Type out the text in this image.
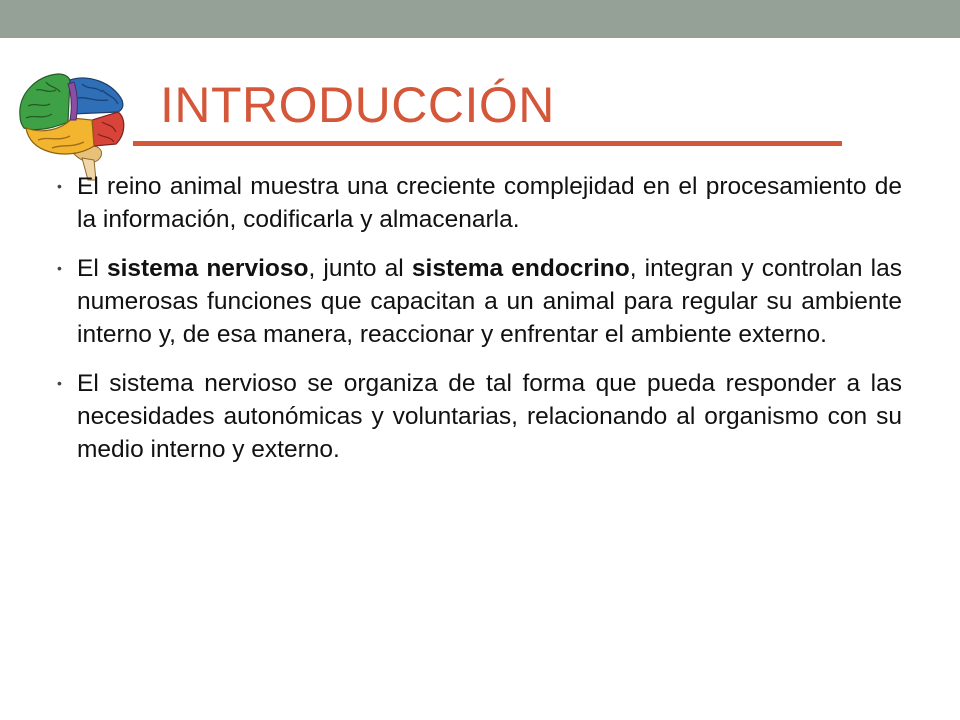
INTRODUCCIÓN
• El reino animal muestra una creciente complejidad en el procesamiento de la información, codificarla y almacenarla.
• El sistema nervioso, junto al sistema endocrino, integran y controlan las numerosas funciones que capacitan a un animal para regular su ambiente interno y, de esa manera, reaccionar y enfrentar el ambiente externo.
• El sistema nervioso se organiza de tal forma que pueda responder a las necesidades autonómicas y voluntarias, relacionando al organismo con su medio interno y externo.
